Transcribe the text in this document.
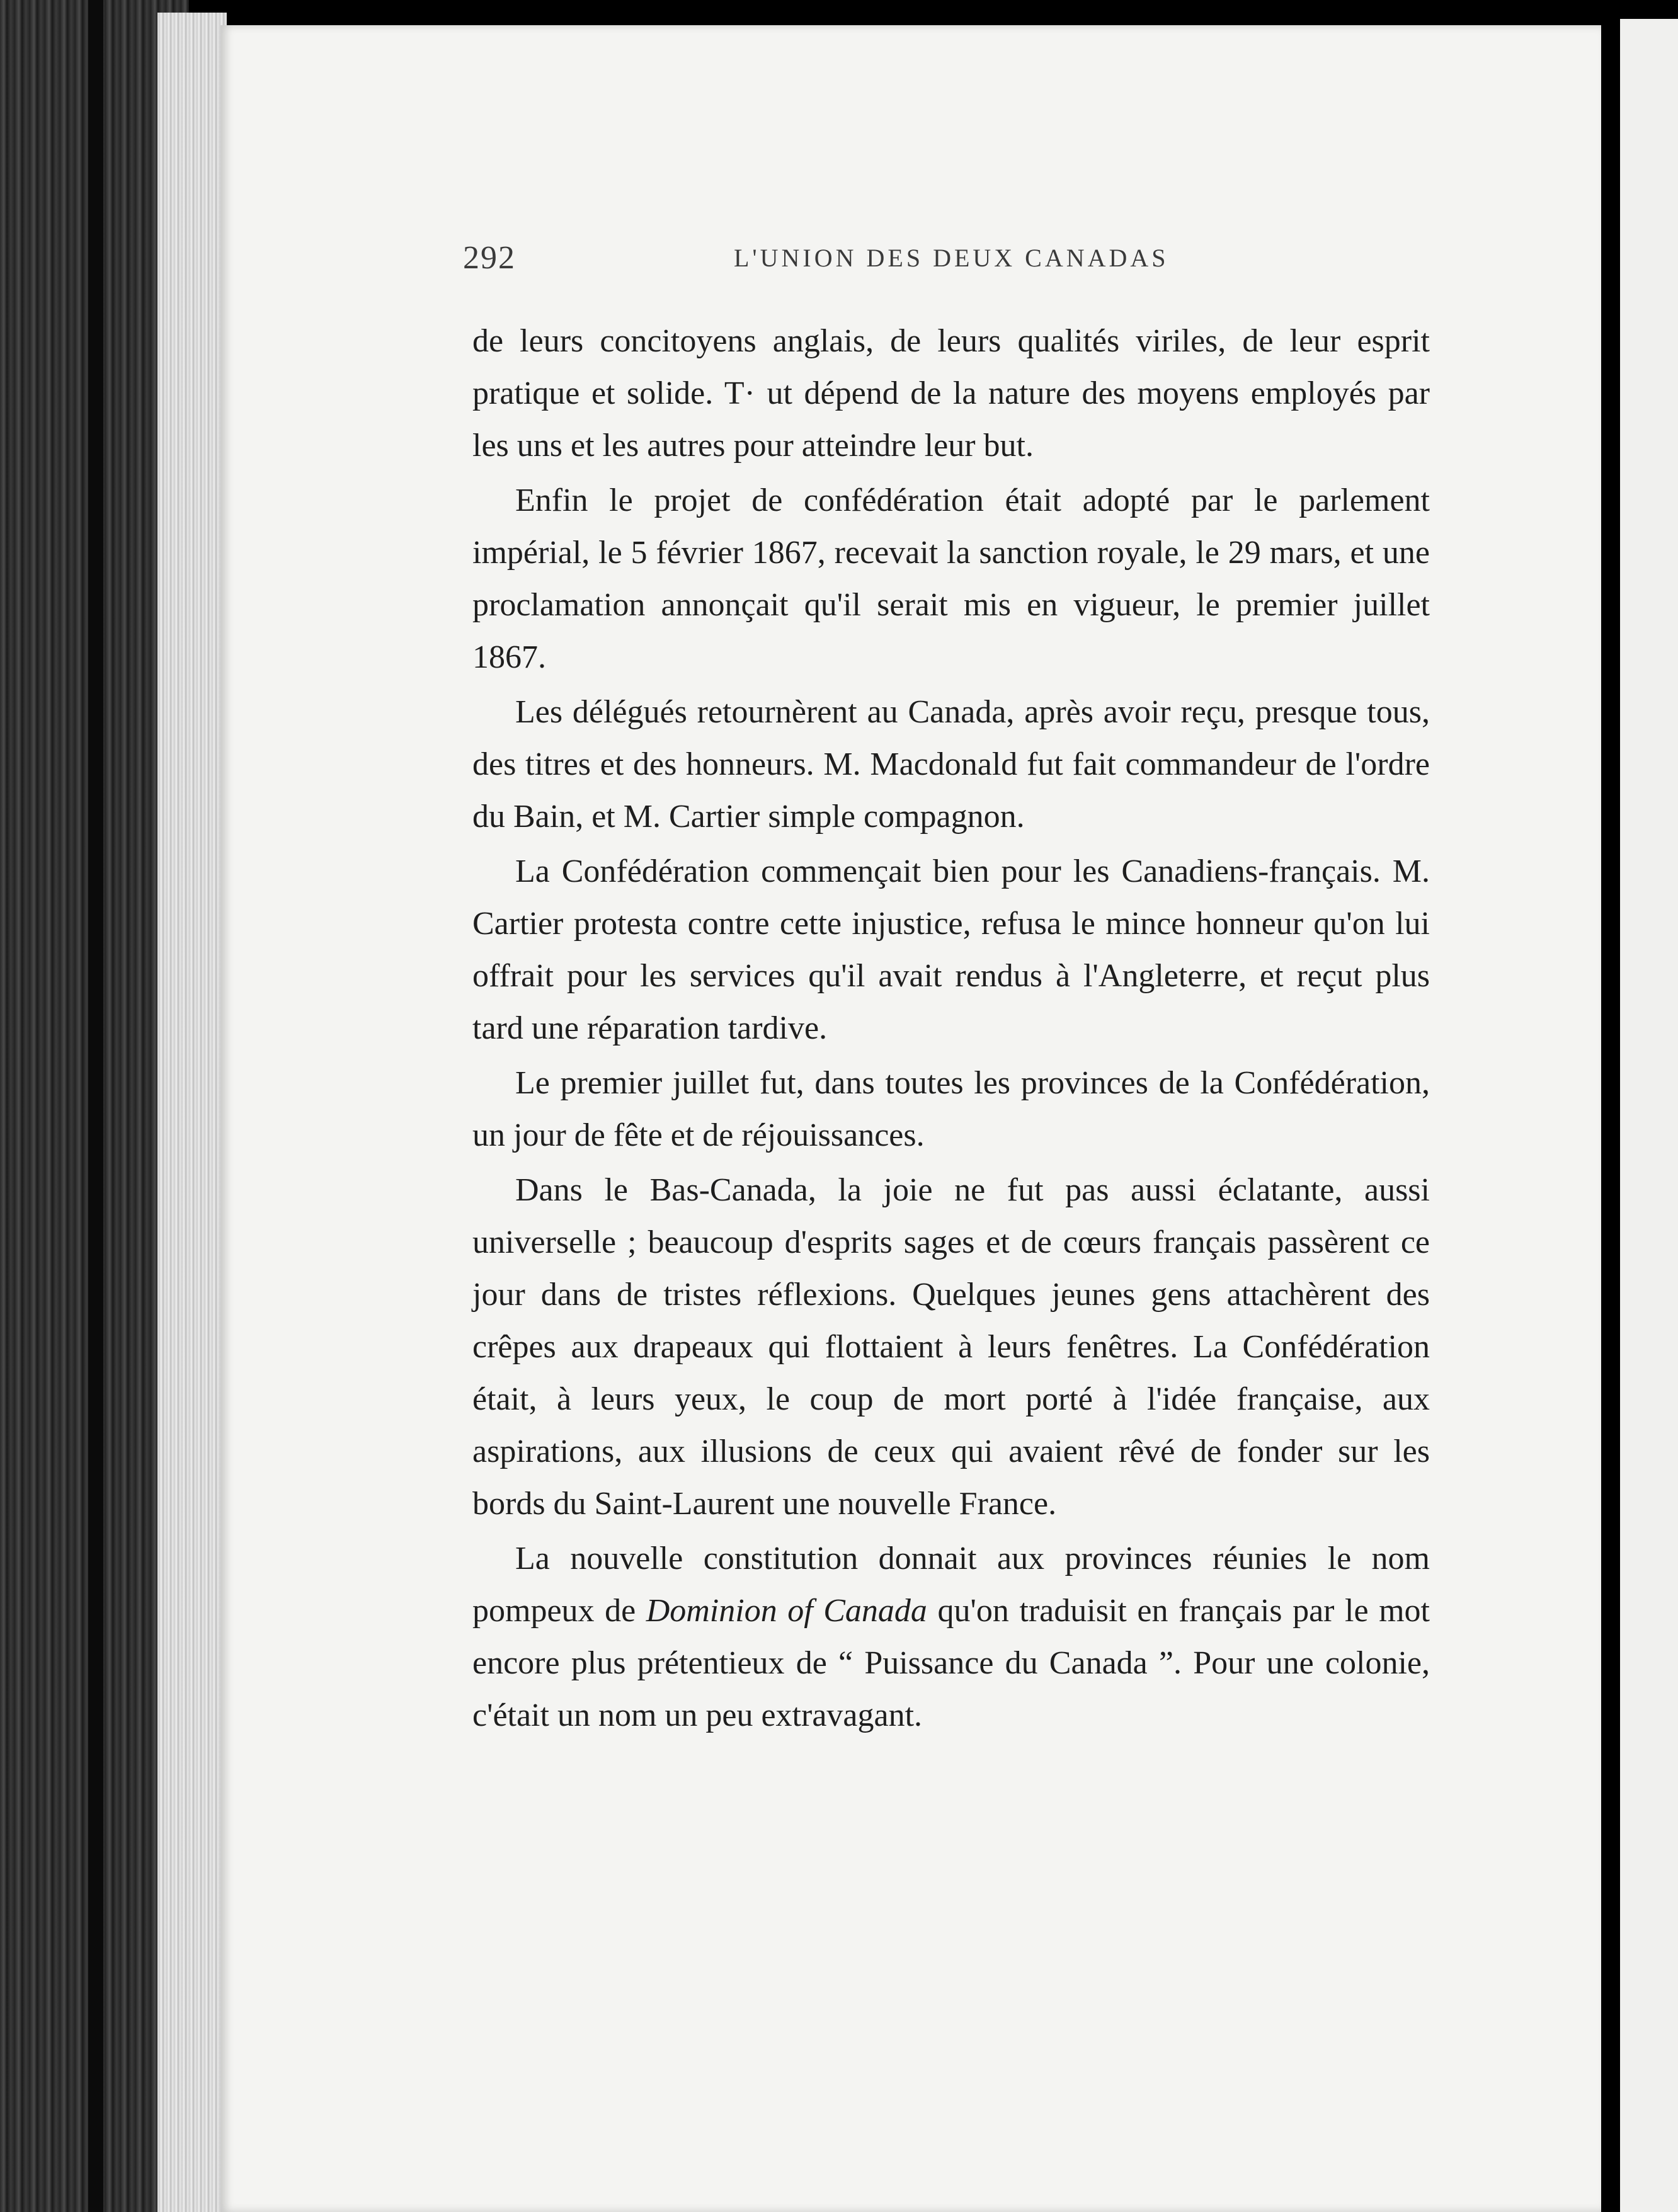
292	L'UNION DES DEUX CANADAS

de leurs concitoyens anglais, de leurs qualités viriles, de leur esprit pratique et solide. T· ut dépend de la nature des moyens employés par les uns et les autres pour atteindre leur but.

Enfin le projet de confédération était adopté par le parlement impérial, le 5 février 1867, recevait la sanction royale, le 29 mars, et une proclamation annonçait qu'il serait mis en vigueur, le premier juillet 1867.

Les délégués retournèrent au Canada, après avoir reçu, presque tous, des titres et des honneurs. M. Macdonald fut fait commandeur de l'ordre du Bain, et M. Cartier simple compagnon.

La Confédération commençait bien pour les Canadiens-français. M. Cartier protesta contre cette injustice, refusa le mince honneur qu'on lui offrait pour les services qu'il avait rendus à l'Angleterre, et reçut plus tard une réparation tardive.

Le premier juillet fut, dans toutes les provinces de la Confédération, un jour de fête et de réjouissances.

Dans le Bas-Canada, la joie ne fut pas aussi éclatante, aussi universelle ; beaucoup d'esprits sages et de cœurs français passèrent ce jour dans de tristes réflexions. Quelques jeunes gens attachèrent des crêpes aux drapeaux qui flottaient à leurs fenêtres. La Confédération était, à leurs yeux, le coup de mort porté à l'idée française, aux aspirations, aux illusions de ceux qui avaient rêvé de fonder sur les bords du Saint-Laurent une nouvelle France.

La nouvelle constitution donnait aux provinces réunies le nom pompeux de Dominion of Canada qu'on traduisit en français par le mot encore plus prétentieux de “ Puissance du Canada ”. Pour une colonie, c'était un nom un peu extravagant.
